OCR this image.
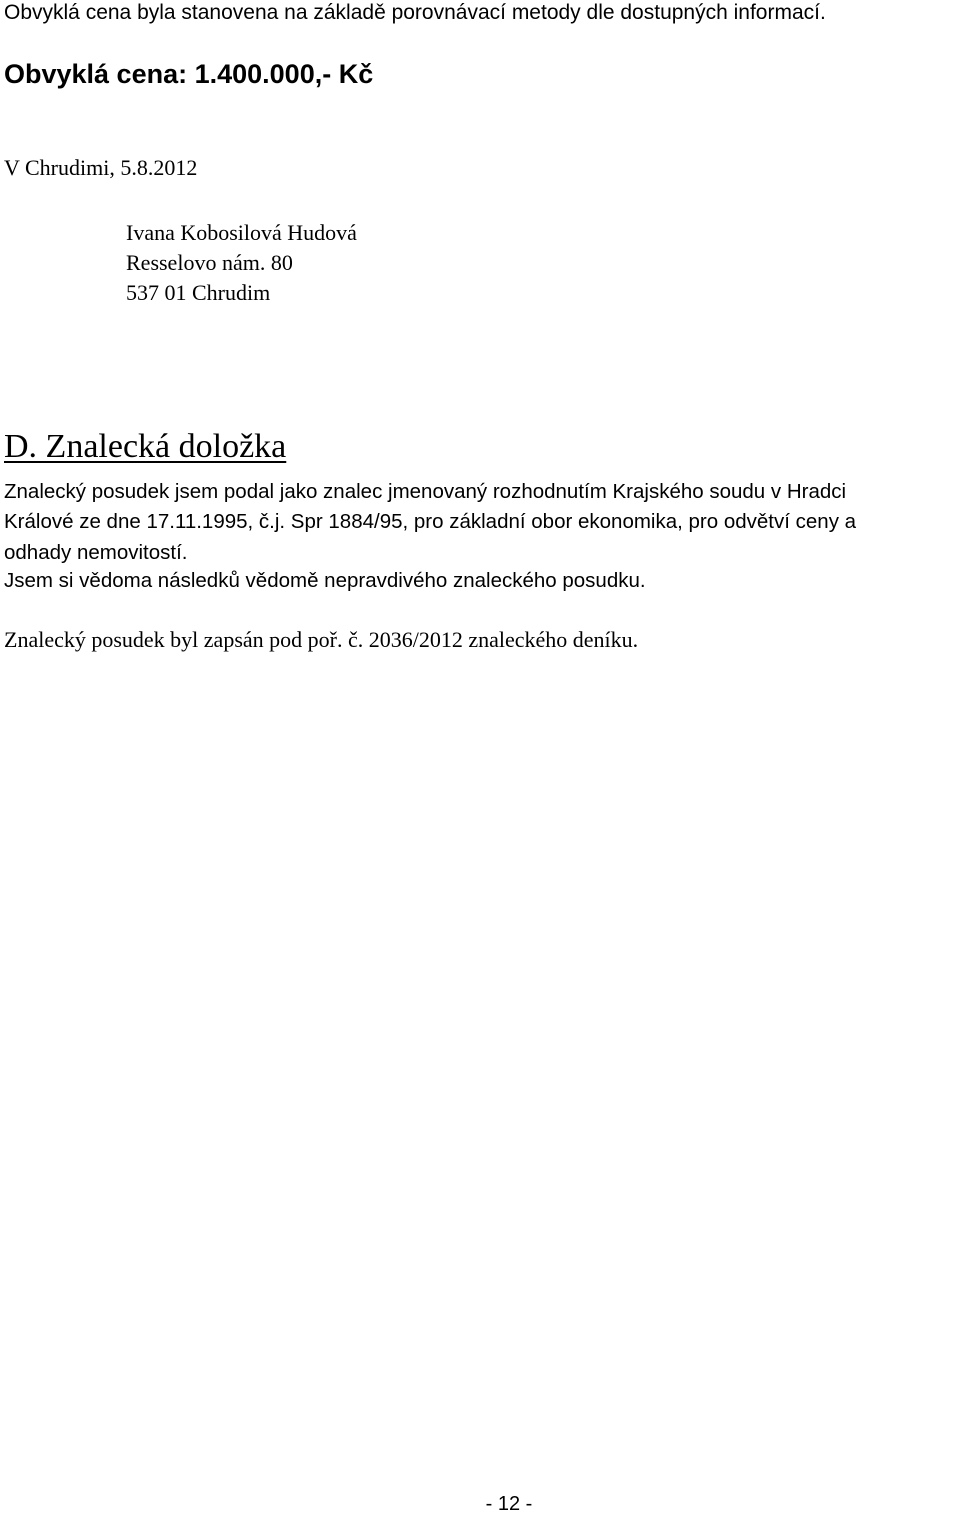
Obvyklá cena byla stanovena na základě porovnávací metody dle dostupných informací.

Obvyklá cena: 1.400.000,- Kč

V Chrudimi, 5.8.2012

Ivana Kobosilová Hudová

Resselovo nám. 80

537 01 Chrudim

D. Znalecká doložka

Znalecký posudek jsem podal jako znalec jmenovaný rozhodnutím Krajského soudu v Hradci

Králové ze dne 17.11.1995, č.j. Spr 1884/95, pro základní obor ekonomika, pro odvětví ceny a

odhady nemovitostí.

Jsem si vědoma následků vědomě nepravdivého znaleckého posudku.

Znalecký posudek byl zapsán pod poř. č. 2036/2012 znaleckého deníku.

- 12 -
